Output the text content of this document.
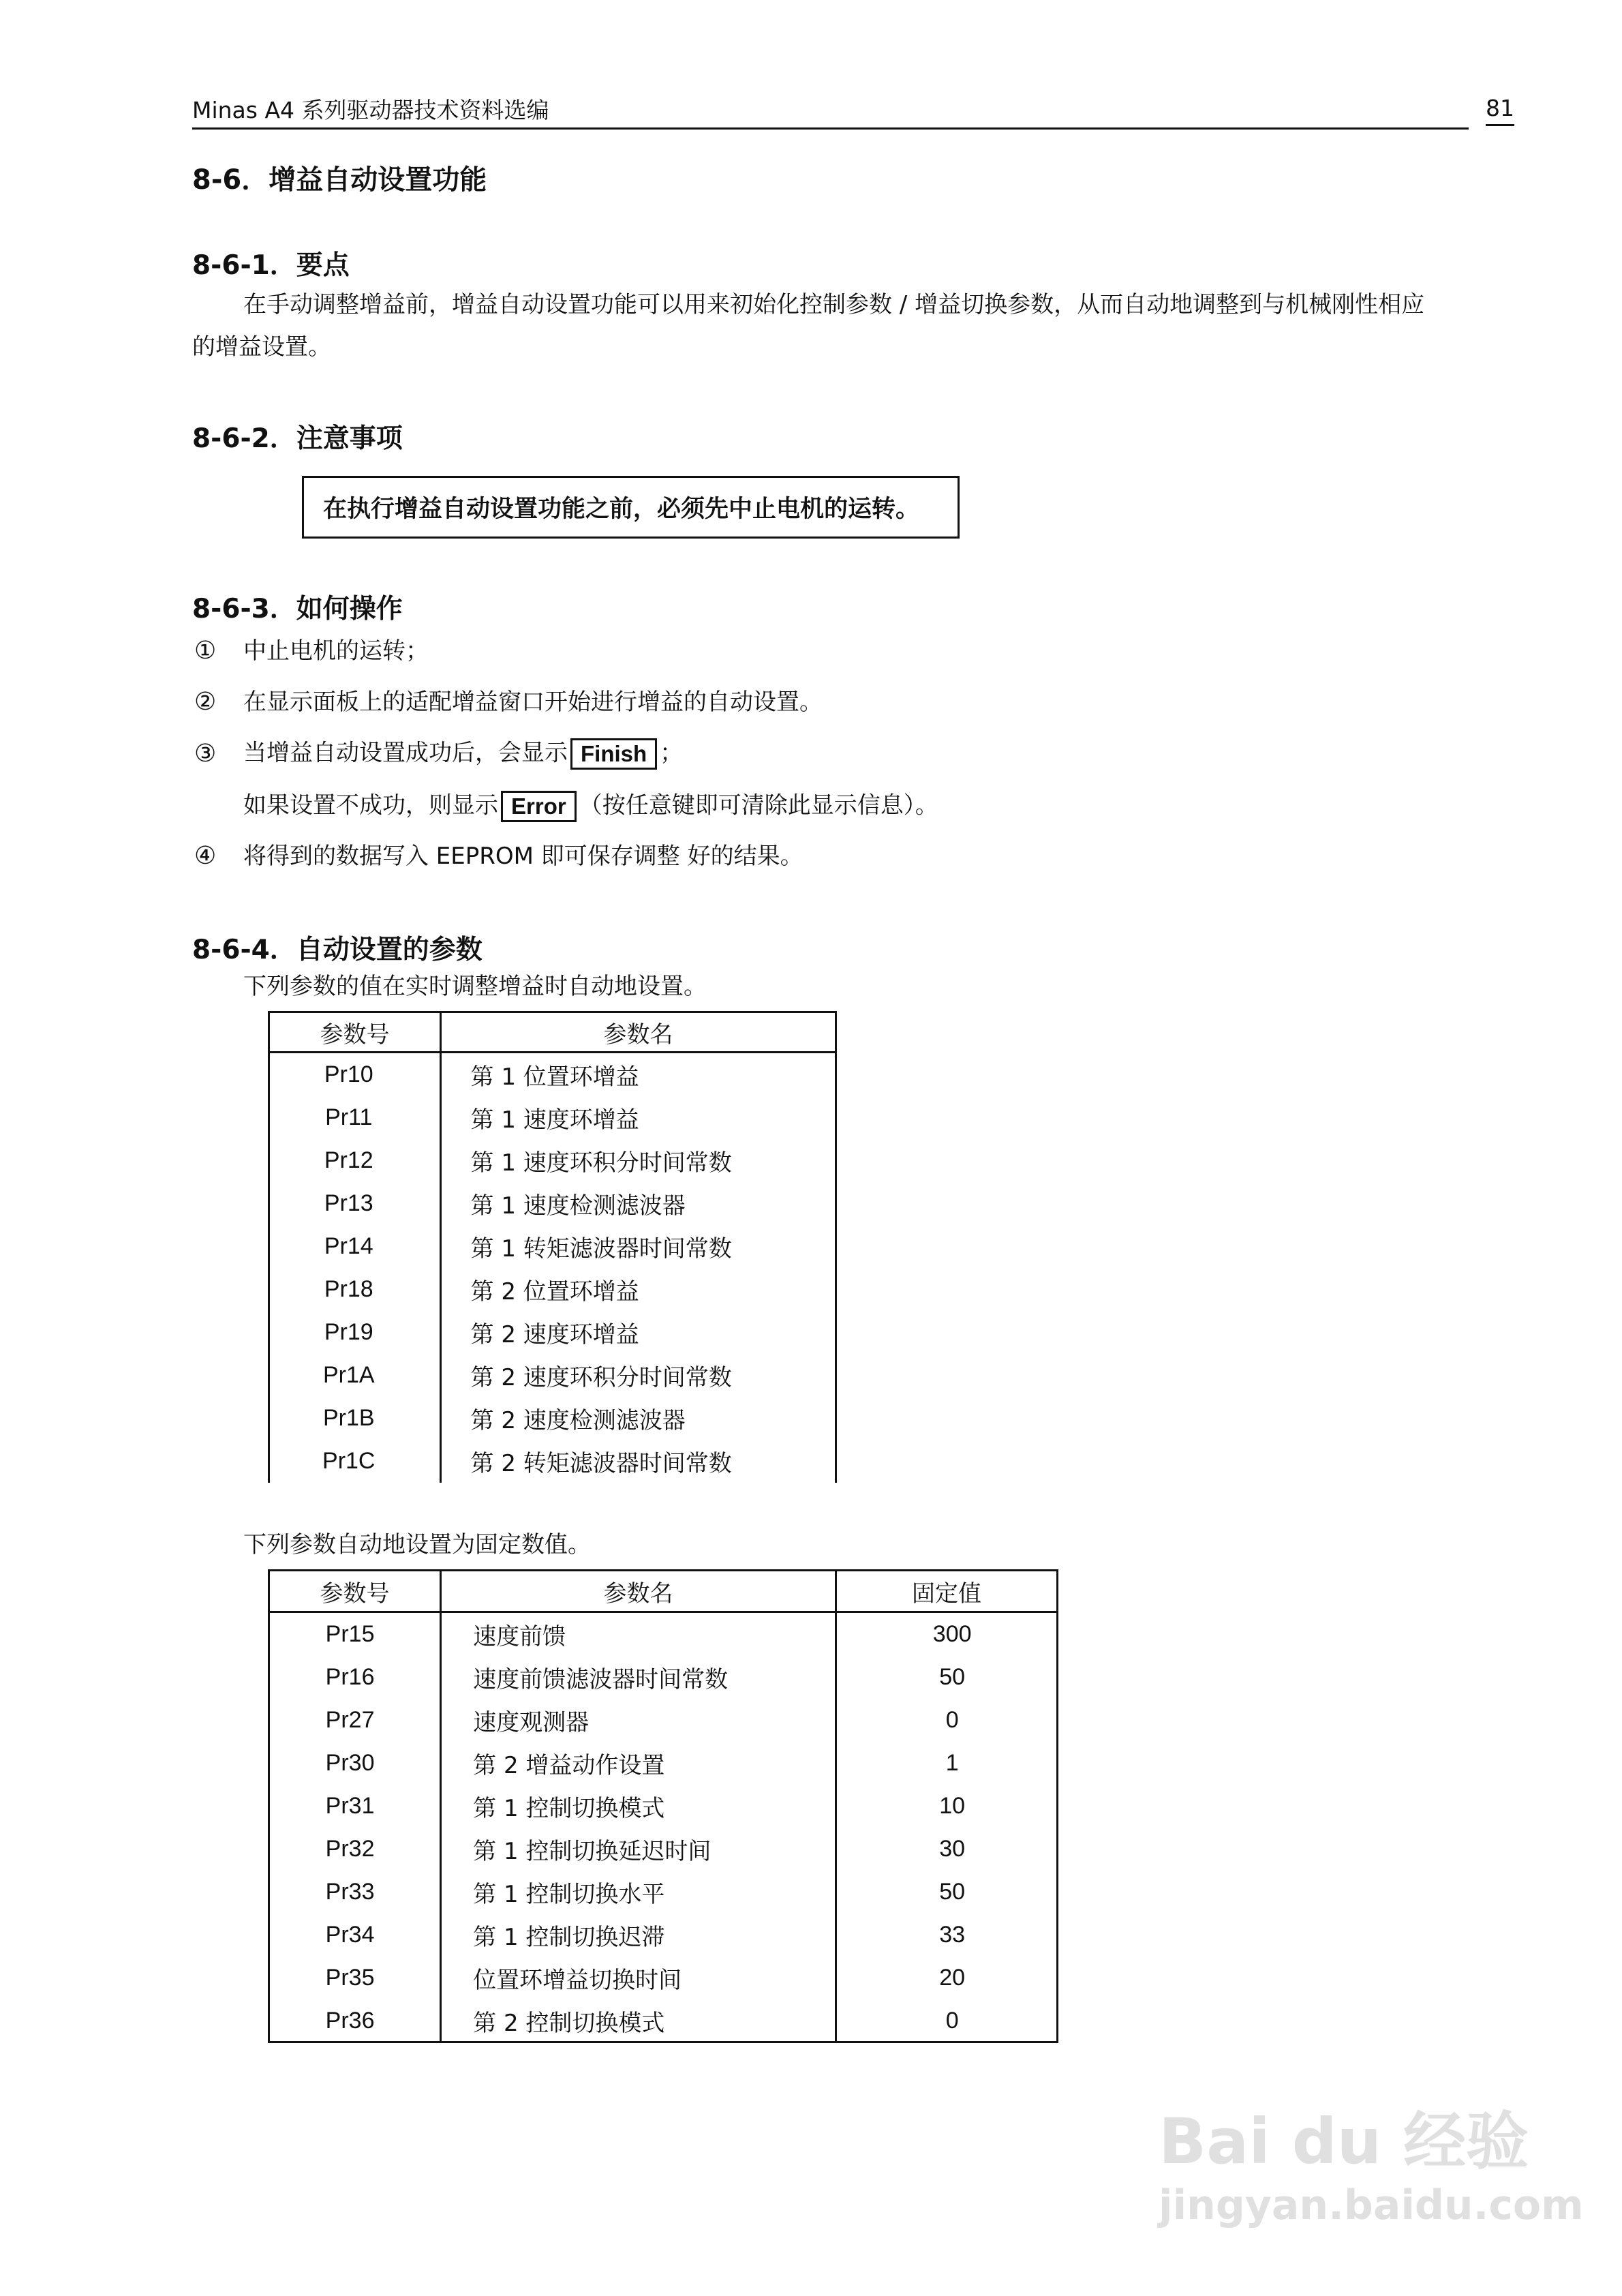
Minas A4 系列驱动器技术资料选编	81
8-6．增益自动设置功能
8-6-1．要点
在手动调整增益前，增益自动设置功能可以用来初始化控制参数 / 增益切换参数，从而自动地调整到与机械刚性相应
的增益设置。
8-6-2．注意事项
在执行增益自动设置功能之前，必须先中止电机的运转。
8-6-3．如何操作
① 中止电机的运转；
② 在显示面板上的适配增益窗口开始进行增益的自动设置。
③ 当增益自动设置成功后，会显示 Finish ；
如果设置不成功，则显示 Error （按任意键即可清除此显示信息）。
④ 将得到的数据写入 EEPROM 即可保存调整 好的结果。
8-6-4．自动设置的参数
下列参数的值在实时调整增益时自动地设置。
参数号	参数名
Pr10	第 1 位置环增益
Pr11	第 1 速度环增益
Pr12	第 1 速度环积分时间常数
Pr13	第 1 速度检测滤波器
Pr14	第 1 转矩滤波器时间常数
Pr18	第 2 位置环增益
Pr19	第 2 速度环增益
Pr1A	第 2 速度环积分时间常数
Pr1B	第 2 速度检测滤波器
Pr1C	第 2 转矩滤波器时间常数
下列参数自动地设置为固定数值。
参数号	参数名	固定值
Pr15	速度前馈	300
Pr16	速度前馈滤波器时间常数	50
Pr27	速度观测器	0
Pr30	第 2 增益动作设置	1
Pr31	第 1 控制切换模式	10
Pr32	第 1 控制切换延迟时间	30
Pr33	第 1 控制切换水平	50
Pr34	第 1 控制切换迟滞	33
Pr35	位置环增益切换时间	20
Pr36	第 2 控制切换模式	0
Bai du 经验
jingyan.baidu.com
